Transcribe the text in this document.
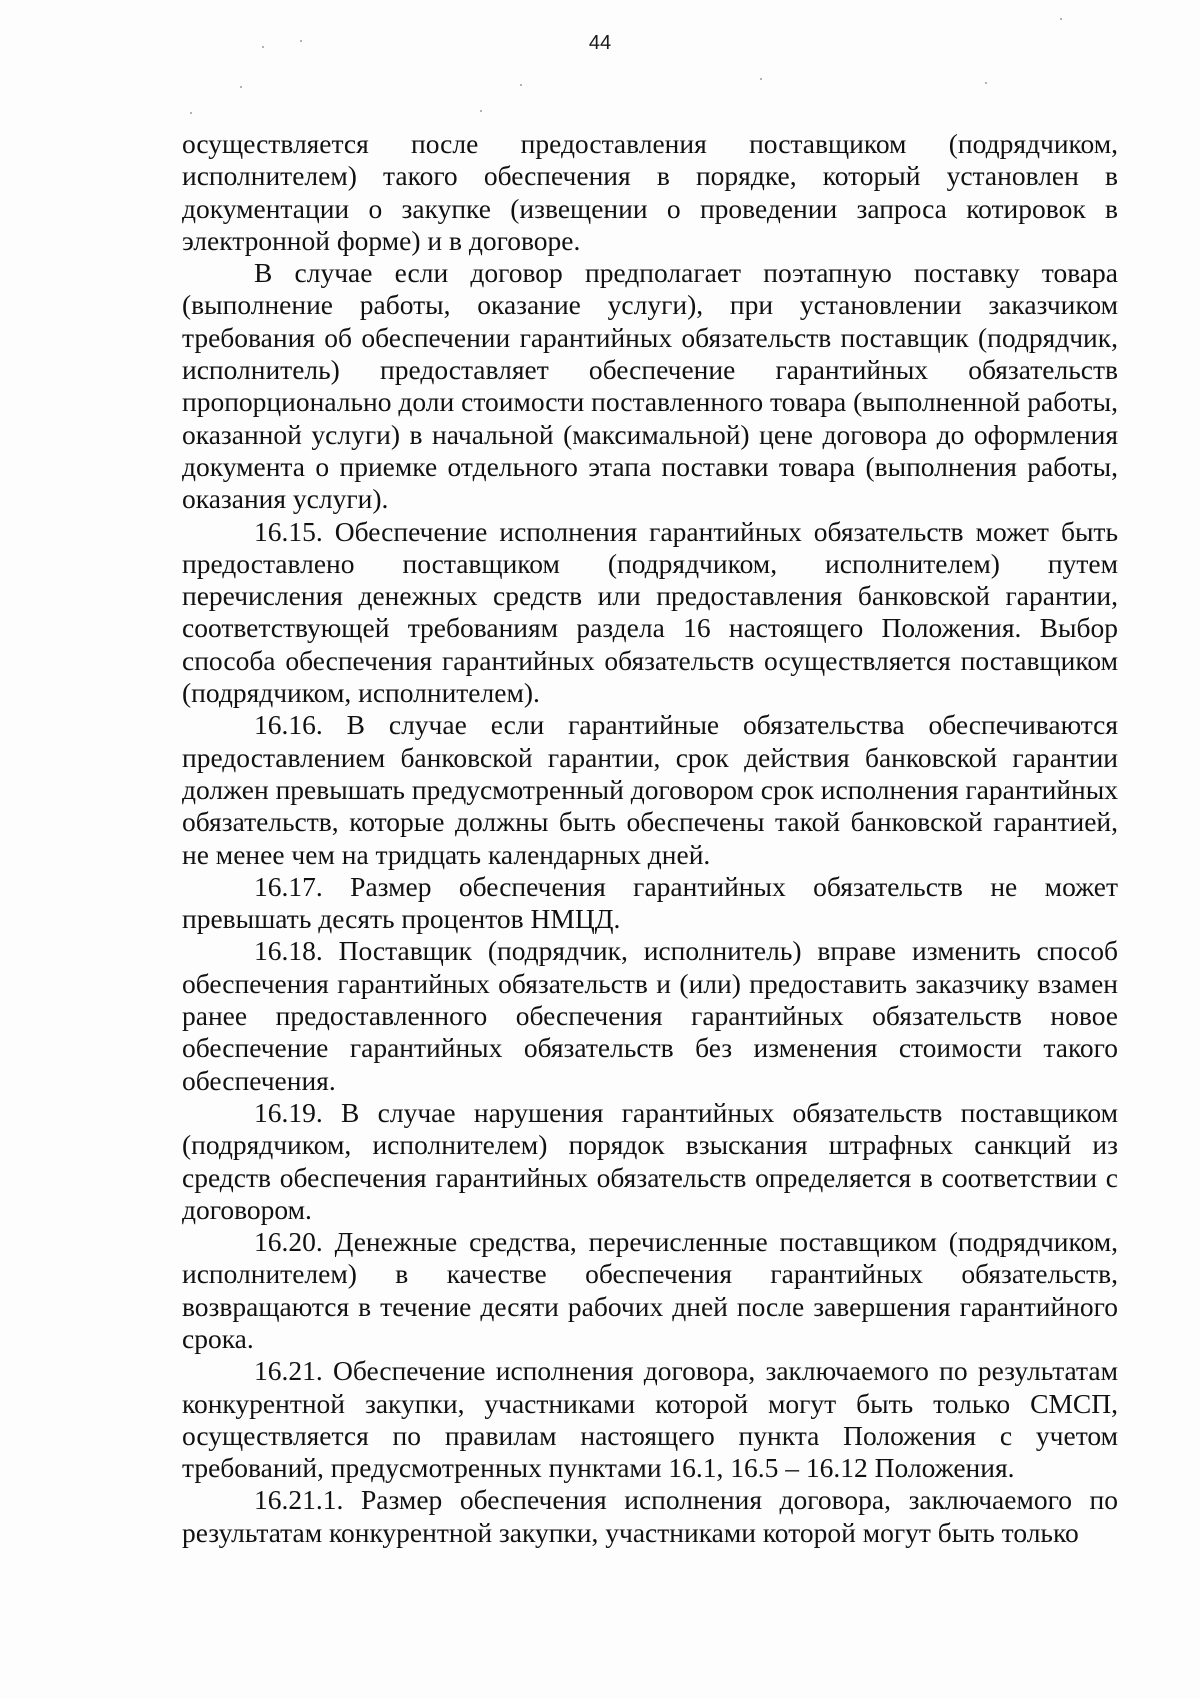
44

осуществляется после предоставления поставщиком (подрядчиком, исполнителем) такого обеспечения в порядке, который установлен в документации о закупке (извещении о проведении запроса котировок в электронной форме) и в договоре.

В случае если договор предполагает поэтапную поставку товара (выполнение работы, оказание услуги), при установлении заказчиком требования об обеспечении гарантийных обязательств поставщик (подрядчик, исполнитель) предоставляет обеспечение гарантийных обязательств пропорционально доли стоимости поставленного товара (выполненной работы, оказанной услуги) в начальной (максимальной) цене договора до оформления документа о приемке отдельного этапа поставки товара (выполнения работы, оказания услуги).

16.15. Обеспечение исполнения гарантийных обязательств может быть предоставлено поставщиком (подрядчиком, исполнителем) путем перечисления денежных средств или предоставления банковской гарантии, соответствующей требованиям раздела 16 настоящего Положения. Выбор способа обеспечения гарантийных обязательств осуществляется поставщиком (подрядчиком, исполнителем).

16.16. В случае если гарантийные обязательства обеспечиваются предоставлением банковской гарантии, срок действия банковской гарантии должен превышать предусмотренный договором срок исполнения гарантийных обязательств, которые должны быть обеспечены такой банковской гарантией, не менее чем на тридцать календарных дней.

16.17. Размер обеспечения гарантийных обязательств не может превышать десять процентов НМЦД.

16.18. Поставщик (подрядчик, исполнитель) вправе изменить способ обеспечения гарантийных обязательств и (или) предоставить заказчику взамен ранее предоставленного обеспечения гарантийных обязательств новое обеспечение гарантийных обязательств без изменения стоимости такого обеспечения.

16.19. В случае нарушения гарантийных обязательств поставщиком (подрядчиком, исполнителем) порядок взыскания штрафных санкций из средств обеспечения гарантийных обязательств определяется в соответствии с договором.

16.20. Денежные средства, перечисленные поставщиком (подрядчиком, исполнителем) в качестве обеспечения гарантийных обязательств, возвращаются в течение десяти рабочих дней после завершения гарантийного срока.

16.21. Обеспечение исполнения договора, заключаемого по результатам конкурентной закупки, участниками которой могут быть только СМСП, осуществляется по правилам настоящего пункта Положения с учетом требований, предусмотренных пунктами 16.1, 16.5 – 16.12 Положения.

16.21.1. Размер обеспечения исполнения договора, заключаемого по результатам конкурентной закупки, участниками которой могут быть только
